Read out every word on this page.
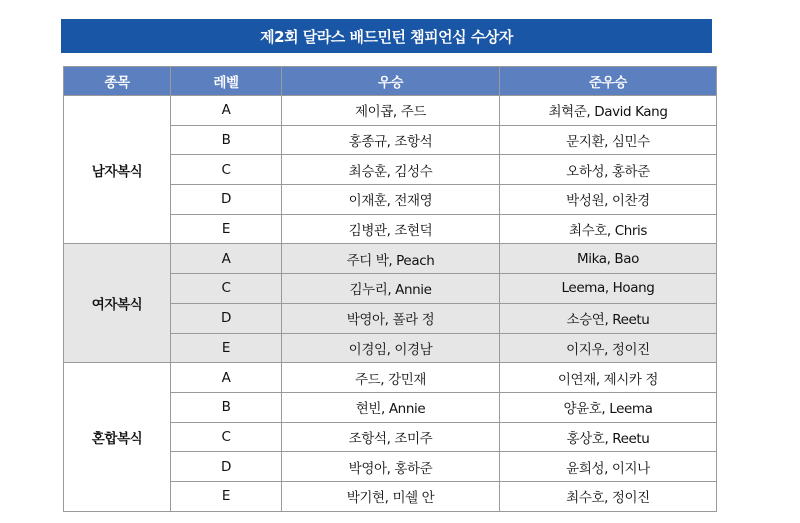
제2회 달라스 배드민턴 챔피언십 수상자
종목	레벨	우승	준우승
남자복식	A	제이콥, 주드	최혁준, David Kang
	B	홍종규, 조항석	문지환, 심민수
	C	최승훈, 김성수	오하성, 홍하준
	D	이재훈, 전재영	박성원, 이찬경
	E	김병관, 조현덕	최수호, Chris
여자복식	A	주디 박, Peach	Mika, Bao
	C	김누리, Annie	Leema, Hoang
	D	박영아, 폴라 정	소승연, Reetu
	E	이경임, 이경남	이지우, 정이진
혼합복식	A	주드, 강민재	이연재, 제시카 정
	B	현빈, Annie	양윤호, Leema
	C	조항석, 조미주	홍상호, Reetu
	D	박영아, 홍하준	윤희성, 이지나
	E	박기현, 미쉘 안	최수호, 정이진
